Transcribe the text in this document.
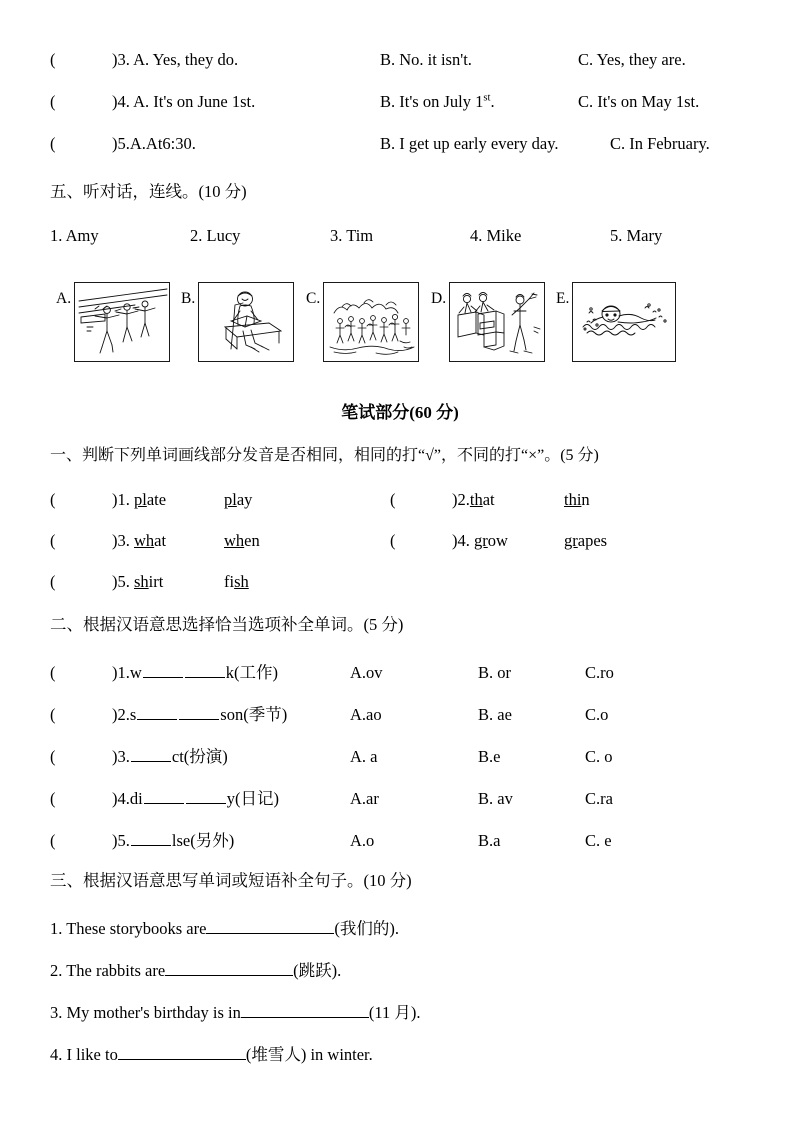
(	)3. A. Yes, they do.	B. No. it isn't.	C. Yes, they are.
(	)4. A. It's on June 1st.	B. It's on July 1st.	C. It's on May 1st.
(	)5.A.At6:30.	B. I get up early every day.	C. In February.
五、听对话，连线。(10 分)
1. Amy	2. Lucy	3. Tim	4. Mike	5. Mary
A.	B.	C.	D.	E.
笔试部分(60 分)
一、判断下列单词画线部分发音是否相同，相同的打“√”，不同的打“×”。(5 分)
(	)1. plate	play	(	)2.that	thin
(	)3. what	when	(	)4. grow	grapes
(	)5. shirt	fish
二、根据汉语意思选择恰当选项补全单词。(5 分)
(	)1.w	k(工作)	A.ov	B. or	C.ro
(	)2.s	son(季节)	A.ao	B. ae	C.o
(	)3.	ct(扮演)	A. a	B.e	C. o
(	)4.di	y(日记)	A.ar	B. av	C.ra
(	)5.	lse(另外)	A.o	B.a	C. e
三、根据汉语意思写单词或短语补全句子。(10 分)
1. These storybooks are	(我们的).
2. The rabbits are	(跳跃).
3. My mother's birthday is in	(11 月).
4. I like to	(堆雪人) in winter.
